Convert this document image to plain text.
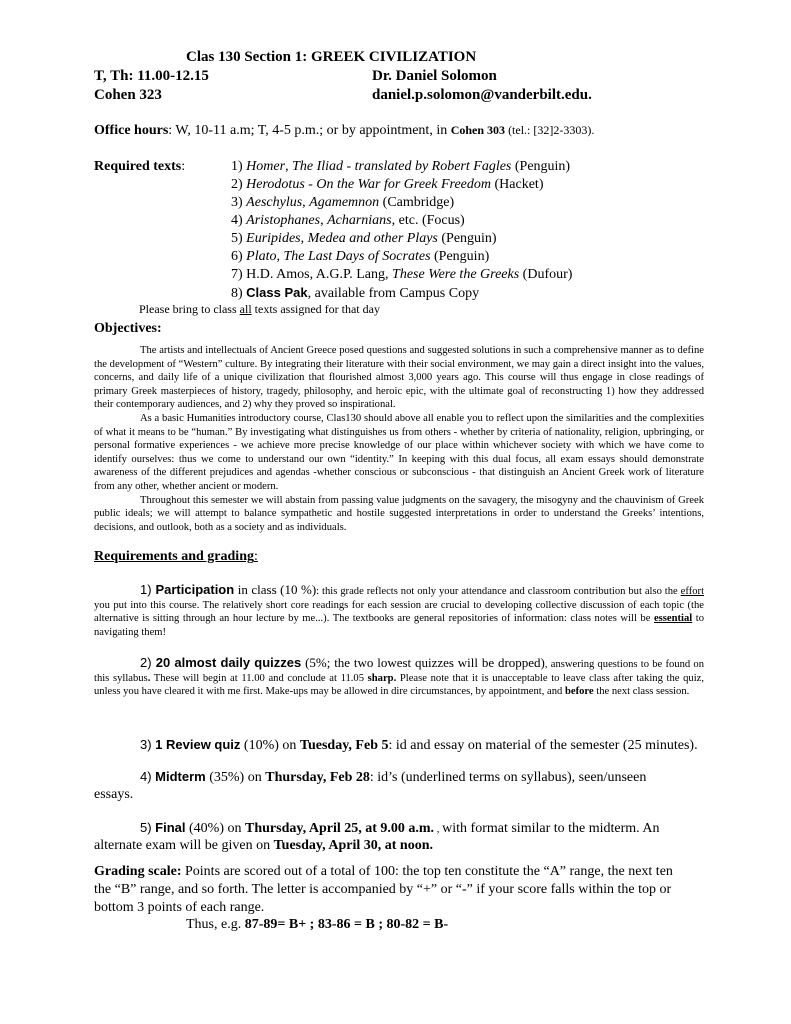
Clas 130 Section 1: GREEK CIVILIZATION
T, Th: 11.00-12.15	Dr. Daniel Solomon
Cohen 323	daniel.p.solomon@vanderbilt.edu.
Office hours: W, 10-11 a.m; T, 4-5 p.m.; or by appointment, in Cohen 303 (tel.: [32]2-3303).
Required texts:	1) Homer, The Iliad - translated by Robert Fagles (Penguin)
2) Herodotus - On the War for Greek Freedom (Hacket)
3) Aeschylus, Agamemnon (Cambridge)
4) Aristophanes, Acharnians, etc. (Focus)
5) Euripides, Medea and other Plays (Penguin)
6) Plato, The Last Days of Socrates (Penguin)
7) H.D. Amos, A.G.P. Lang, These Were the Greeks (Dufour)
8) Class Pak, available from Campus Copy
Please bring to class all texts assigned for that day
Objectives:

The artists and intellectuals of Ancient Greece posed questions and suggested solutions in such a comprehensive manner as to define the development of “Western” culture. By integrating their literature with their social environment, we may gain a direct insight into the values, concerns, and daily life of a unique civilization that flourished almost 3,000 years ago. This course will thus engage in close readings of primary Greek masterpieces of history, tragedy, philosophy, and heroic epic, with the ultimate goal of reconstructing 1) how they addressed their contemporary audiences, and 2) why they proved so inspirational.

As a basic Humanities introductory course, Clas130 should above all enable you to reflect upon the similarities and the complexities of what it means to be “human.” By investigating what distinguishes us from others - whether by criteria of nationality, religion, upbringing, or personal formative experiences - we achieve more precise knowledge of our place within whichever society with which we have come to identify ourselves: thus we come to understand our own “identity.” In keeping with this dual focus, all exam essays should demonstrate awareness of the different prejudices and agendas -whether conscious or subconscious - that distinguish an Ancient Greek work of literature from any other, whether ancient or modern.

Throughout this semester we will abstain from passing value judgments on the savagery, the misogyny and the chauvinism of Greek public ideals; we will attempt to balance sympathetic and hostile suggested interpretations in order to understand the Greeks’ intentions, decisions, and outlook, both as a society and as individuals.

Requirements and grading:

1) Participation in class (10 %): this grade reflects not only your attendance and classroom contribution but also the effort you put into this course. The relatively short core readings for each session are crucial to developing collective discussion of each topic (the alternative is sitting through an hour lecture by me...). The textbooks are general repositories of information: class notes will be essential to navigating them!

2) 20 almost daily quizzes (5%; the two lowest quizzes will be dropped), answering questions to be found on this syllabus. These will begin at 11.00 and conclude at 11.05 sharp. Please note that it is unacceptable to leave class after taking the quiz, unless you have cleared it with me first. Make-ups may be allowed in dire circumstances, by appointment, and before the next class session.

3) 1 Review quiz (10%) on Tuesday, Feb 5: id and essay on material of the semester (25 minutes).
4) Midterm (35%) on Thursday, Feb 28: id’s (underlined terms on syllabus), seen/unseen
essays.
5) Final (40%) on Thursday, April 25, at 9.00 a.m. , with format similar to the midterm. An
alternate exam will be given on Tuesday, April 30, at noon.
Grading scale: Points are scored out of a total of 100: the top ten constitute the “A” range, the next ten
the “B” range, and so forth. The letter is accompanied by “+” or “-” if your score falls within the top or
bottom 3 points of each range.
Thus, e.g. 87-89= B+ ; 83-86 = B ; 80-82 = B-
